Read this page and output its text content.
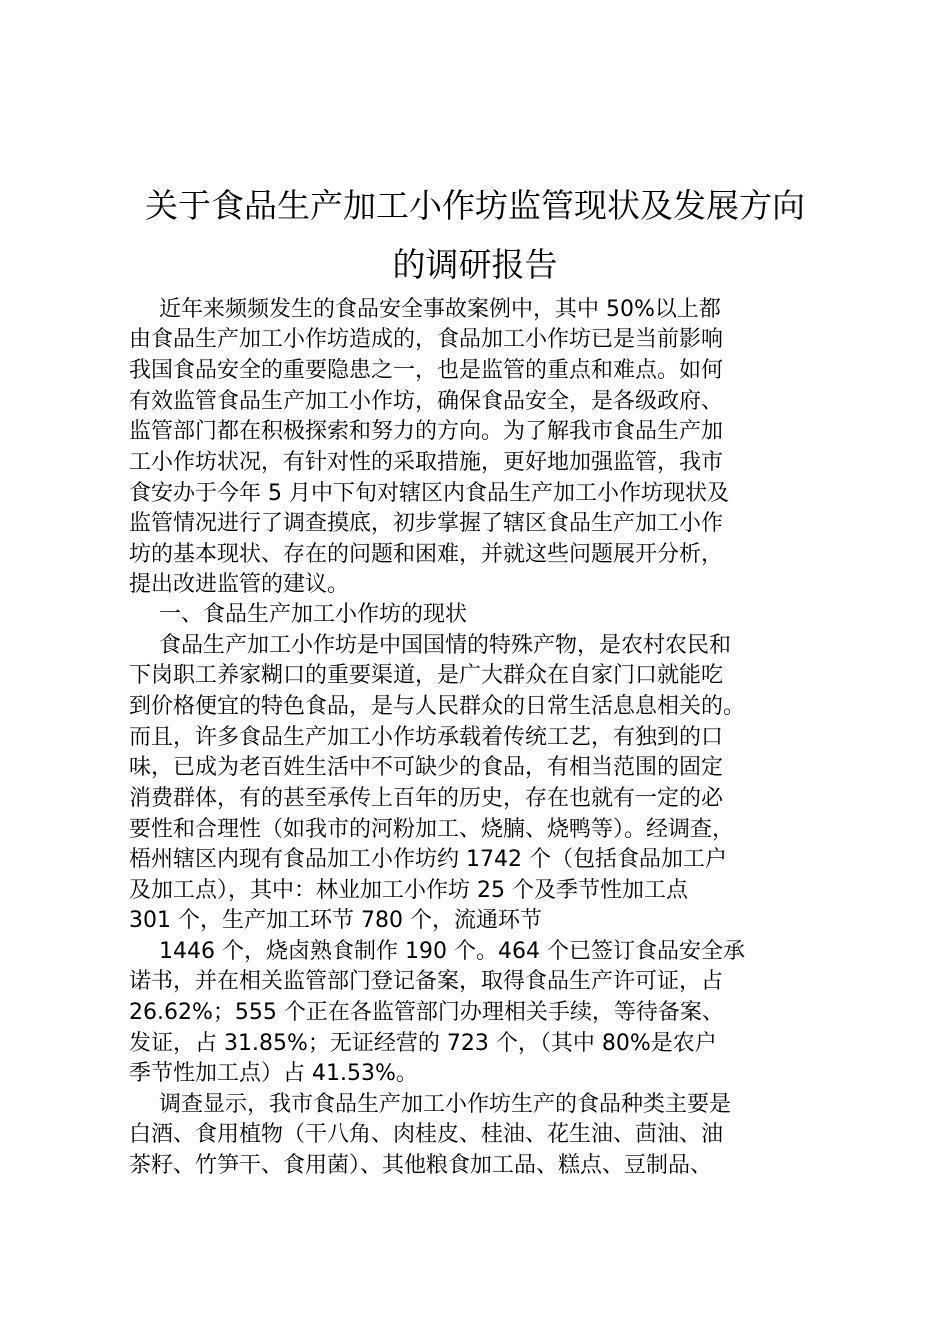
关于食品生产加工小作坊监管现状及发展方向
的调研报告
近年来频频发生的食品安全事故案例中，其中 50%以上都
由食品生产加工小作坊造成的，食品加工小作坊已是当前影响
我国食品安全的重要隐患之一，也是监管的重点和难点。如何
有效监管食品生产加工小作坊，确保食品安全，是各级政府、
监管部门都在积极探索和努力的方向。为了解我市食品生产加
工小作坊状况，有针对性的采取措施，更好地加强监管，我市
食安办于今年 5 月中下旬对辖区内食品生产加工小作坊现状及
监管情况进行了调查摸底，初步掌握了辖区食品生产加工小作
坊的基本现状、存在的问题和困难，并就这些问题展开分析，
提出改进监管的建议。
一、食品生产加工小作坊的现状
食品生产加工小作坊是中国国情的特殊产物，是农村农民和
下岗职工养家糊口的重要渠道，是广大群众在自家门口就能吃
到价格便宜的特色食品，是与人民群众的日常生活息息相关的。
而且，许多食品生产加工小作坊承载着传统工艺，有独到的口
味，已成为老百姓生活中不可缺少的食品，有相当范围的固定
消费群体，有的甚至承传上百年的历史，存在也就有一定的必
要性和合理性（如我市的河粉加工、烧腩、烧鸭等）。经调查，
梧州辖区内现有食品加工小作坊约 1742 个（包括食品加工户
及加工点），其中：林业加工小作坊 25 个及季节性加工点
301 个，生产加工环节 780 个，流通环节
1446 个，烧卤熟食制作 190 个。464 个已签订食品安全承
诺书，并在相关监管部门登记备案，取得食品生产许可证，占
26.62%；555 个正在各监管部门办理相关手续，等待备案、
发证，占 31.85%；无证经营的 723 个，（其中 80%是农户
季节性加工点）占 41.53%。
调查显示，我市食品生产加工小作坊生产的食品种类主要是
白酒、食用植物（干八角、肉桂皮、桂油、花生油、茴油、油
茶籽、竹笋干、食用菌）、其他粮食加工品、糕点、豆制品、
